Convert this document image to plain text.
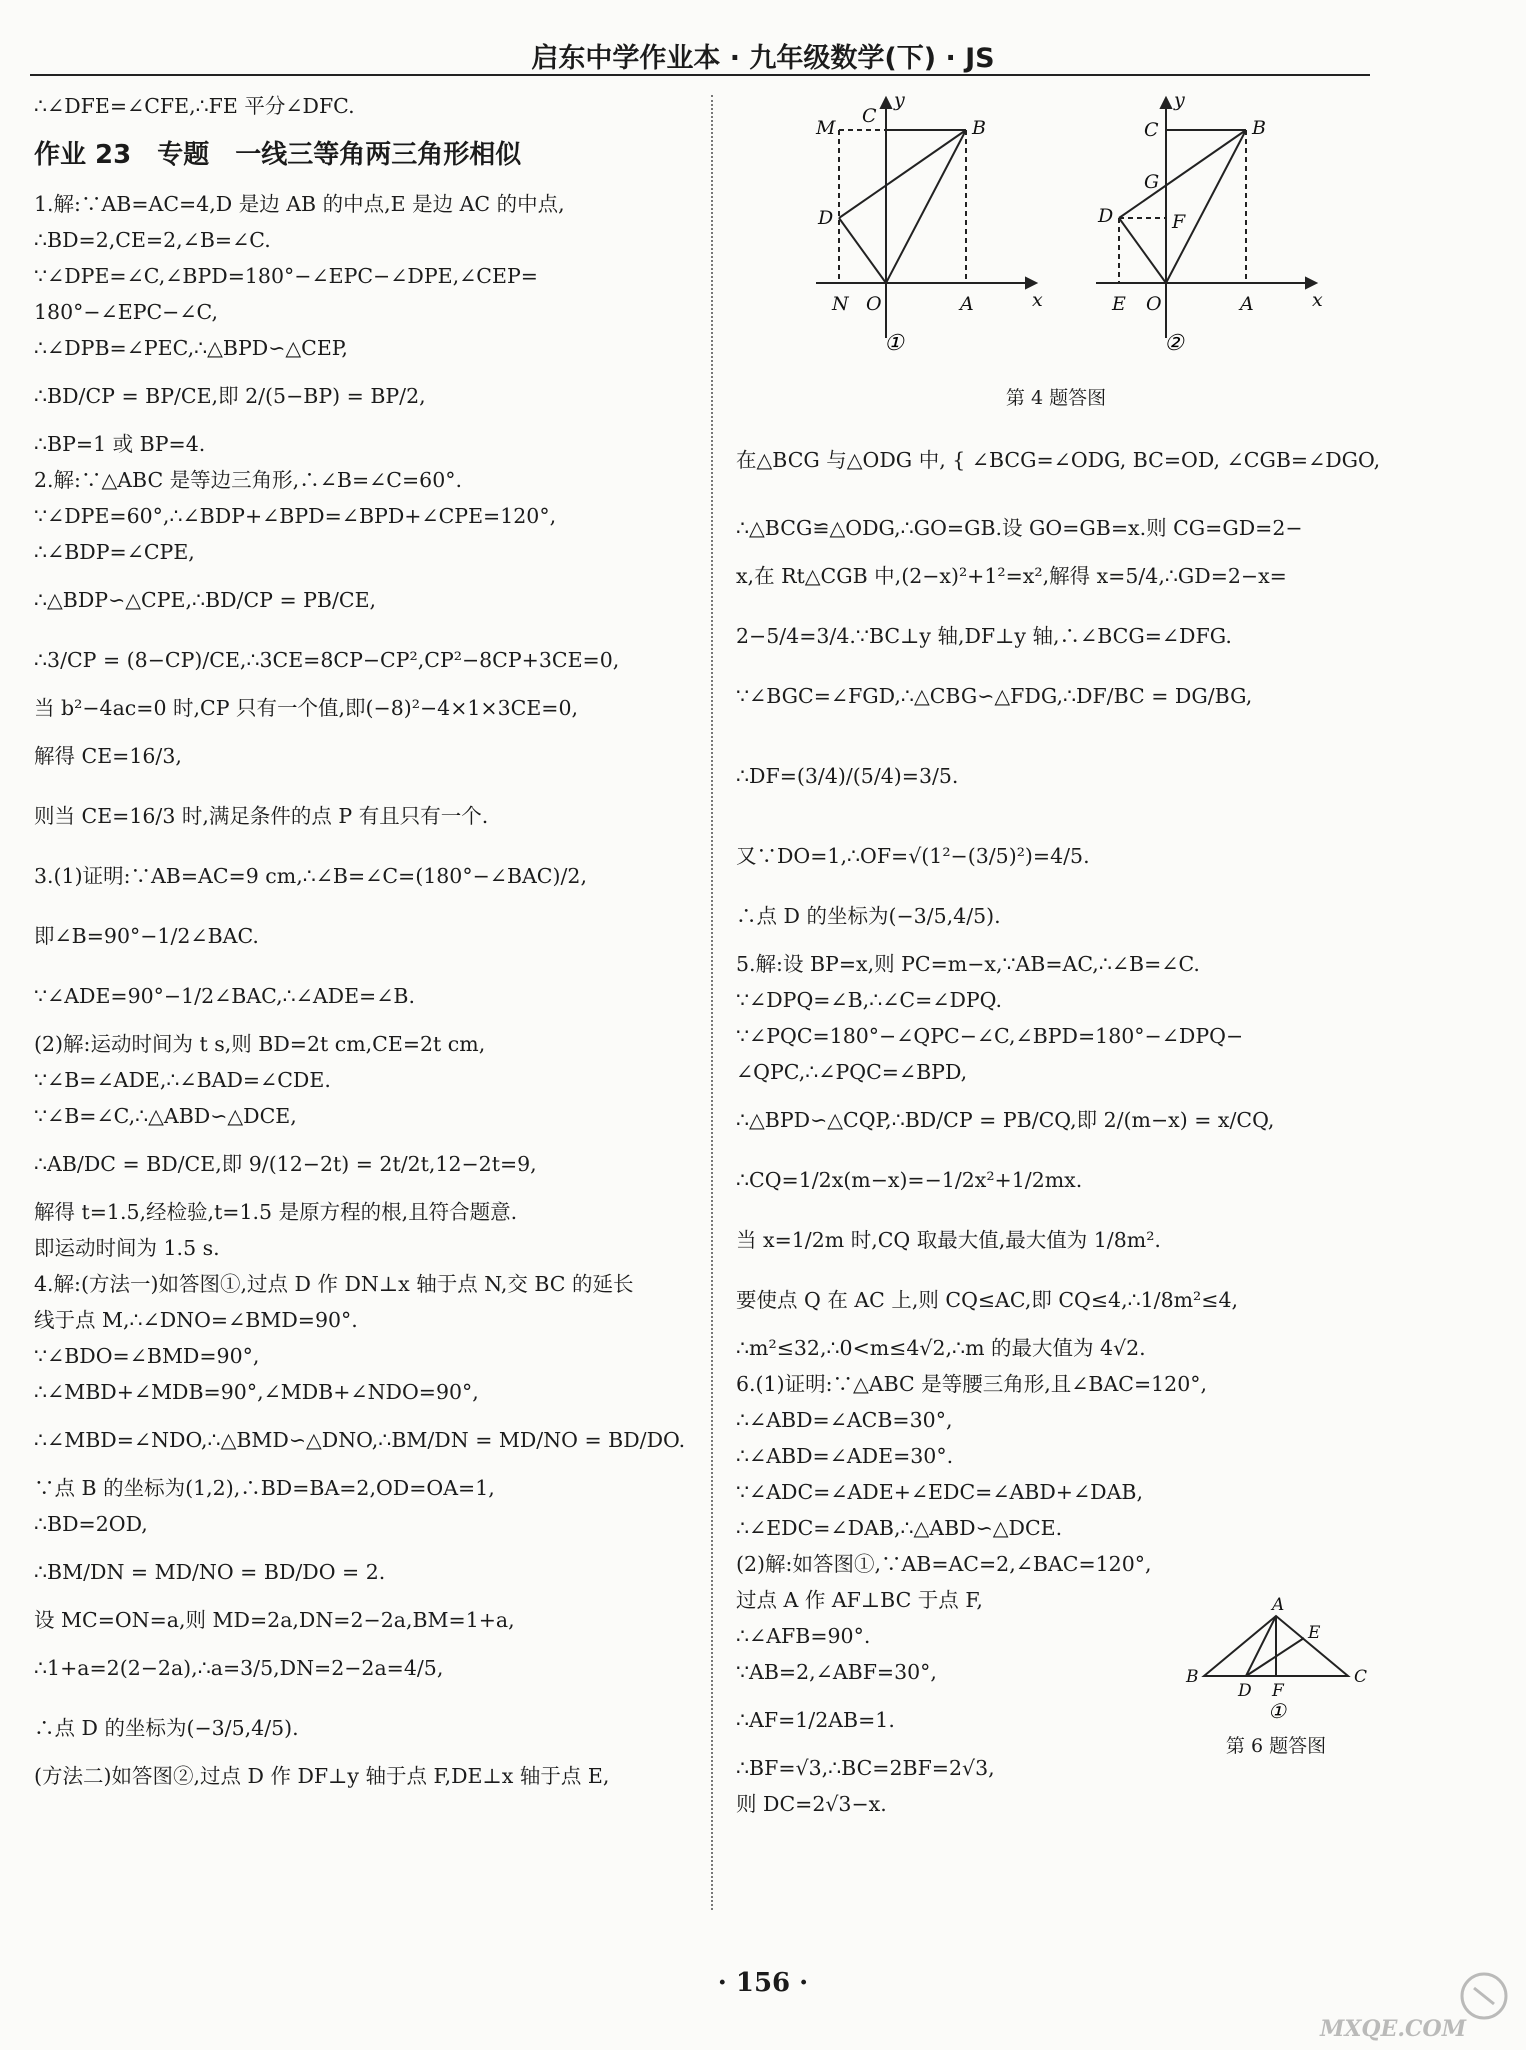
启东中学作业本 · 九年级数学(下) · JS
∴∠DFE=∠CFE,∴FE 平分∠DFC.
作业 23　专题　一线三等角两三角形相似
1.解:∵AB=AC=4,D 是边 AB 的中点,E 是边 AC 的中点,
∴BD=2,CE=2,∠B=∠C.
∵∠DPE=∠C,∠BPD=180°−∠EPC−∠DPE,∠CEP=
180°−∠EPC−∠C,
∴∠DPB=∠PEC,∴△BPD∽△CEP,
∴BD/CP = BP/CE,即 2/(5−BP) = BP/2,
∴BP=1 或 BP=4.
2.解:∵△ABC 是等边三角形,∴∠B=∠C=60°.
∵∠DPE=60°,∴∠BDP+∠BPD=∠BPD+∠CPE=120°,
∴∠BDP=∠CPE,
∴△BDP∽△CPE,∴BD/CP = PB/CE,
∴3/CP = (8−CP)/CE,∴3CE=8CP−CP²,CP²−8CP+3CE=0,
当 b²−4ac=0 时,CP 只有一个值,即(−8)²−4×1×3CE=0,
解得 CE=16/3,
则当 CE=16/3 时,满足条件的点 P 有且只有一个.
3.(1)证明:∵AB=AC=9 cm,∴∠B=∠C=(180°−∠BAC)/2,
即∠B=90°−1/2∠BAC.
∵∠ADE=90°−1/2∠BAC,∴∠ADE=∠B.
(2)解:运动时间为 t s,则 BD=2t cm,CE=2t cm,
∵∠B=∠ADE,∴∠BAD=∠CDE.
∵∠B=∠C,∴△ABD∽△DCE,
∴AB/DC = BD/CE,即 9/(12−2t) = 2t/2t,12−2t=9,
解得 t=1.5,经检验,t=1.5 是原方程的根,且符合题意.
即运动时间为 1.5 s.
4.解:(方法一)如答图①,过点 D 作 DN⊥x 轴于点 N,交 BC 的延长
线于点 M,∴∠DNO=∠BMD=90°.
∵∠BDO=∠BMD=90°,
∴∠MBD+∠MDB=90°,∠MDB+∠NDO=90°,
∴∠MBD=∠NDO,∴△BMD∽△DNO,∴BM/DN = MD/NO = BD/DO.
∵点 B 的坐标为(1,2),∴BD=BA=2,OD=OA=1,
∴BD=2OD,
∴BM/DN = MD/NO = BD/DO = 2.
设 MC=ON=a,则 MD=2a,DN=2−2a,BM=1+a,
∴1+a=2(2−2a),∴a=3/5,DN=2−2a=4/5,
∴点 D 的坐标为(−3/5,4/5).
(方法二)如答图②,过点 D 作 DF⊥y 轴于点 F,DE⊥x 轴于点 E,
y
x
M
C
B
D
N O	A
y
x
C	B
G
D	F
E O	A
①	②
第 4 题答图
在△BCG 与△ODG 中, { ∠BCG=∠ODG, BC=OD, ∠CGB=∠DGO,
∴△BCG≌△ODG,∴GO=GB.设 GO=GB=x.则 CG=GD=2−
x,在 Rt△CGB 中,(2−x)²+1²=x²,解得 x=5/4,∴GD=2−x=
2−5/4=3/4.∵BC⊥y 轴,DF⊥y 轴,∴∠BCG=∠DFG.
∵∠BGC=∠FGD,∴△CBG∽△FDG,∴DF/BC = DG/BG,
∴DF=(3/4)/(5/4)=3/5.
又∵DO=1,∴OF=√(1²−(3/5)²)=4/5.
∴点 D 的坐标为(−3/5,4/5).
5.解:设 BP=x,则 PC=m−x,∵AB=AC,∴∠B=∠C.
∵∠DPQ=∠B,∴∠C=∠DPQ.
∵∠PQC=180°−∠QPC−∠C,∠BPD=180°−∠DPQ−
∠QPC,∴∠PQC=∠BPD,
∴△BPD∽△CQP,∴BD/CP = PB/CQ,即 2/(m−x) = x/CQ,
∴CQ=1/2x(m−x)=−1/2x²+1/2mx.
当 x=1/2m 时,CQ 取最大值,最大值为 1/8m².
要使点 Q 在 AC 上,则 CQ≤AC,即 CQ≤4,∴1/8m²≤4,
∴m²≤32,∴0<m≤4√2,∴m 的最大值为 4√2.
6.(1)证明:∵△ABC 是等腰三角形,且∠BAC=120°,
∴∠ABD=∠ACB=30°,
∴∠ABD=∠ADE=30°.
∵∠ADC=∠ADE+∠EDC=∠ABD+∠DAB,
∴∠EDC=∠DAB,∴△ABD∽△DCE.
(2)解:如答图①,∵AB=AC=2,∠BAC=120°,
过点 A 作 AF⊥BC 于点 F,
∴∠AFB=90°.
∵AB=2,∠ABF=30°,
∴AF=1/2AB=1.
∴BF=√3,∴BC=2BF=2√3,
则 DC=2√3−x.
A
B	C
D
E
F
①
第 6 题答图
· 156 ·
MXQE.COM
